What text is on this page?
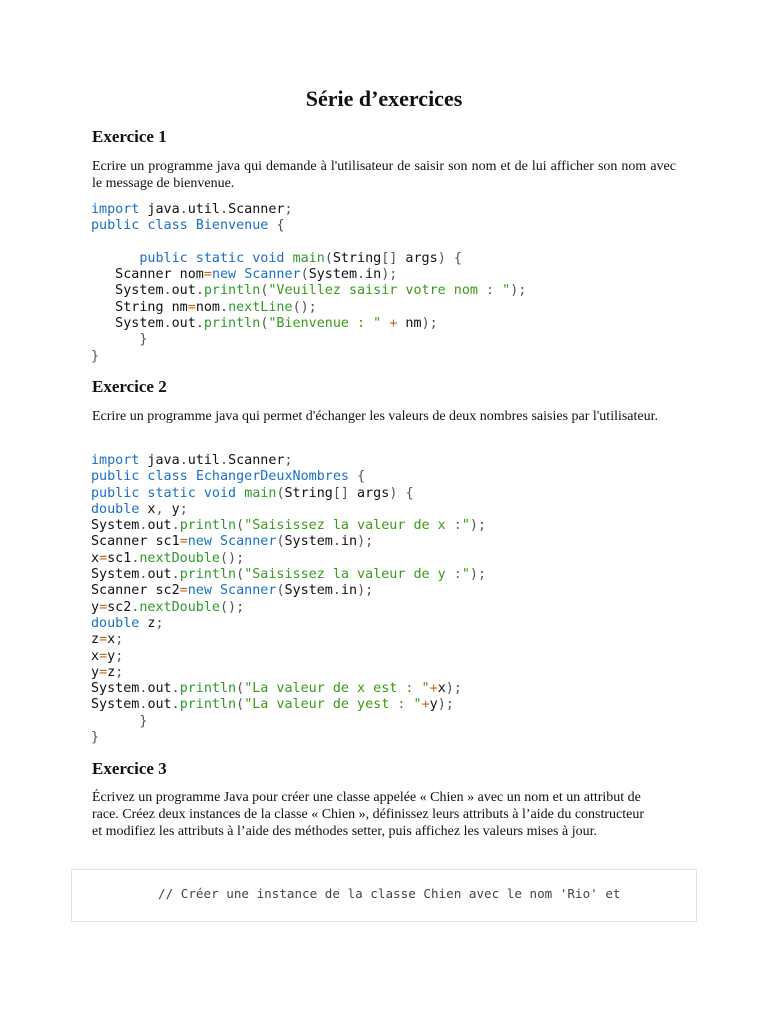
Série d’exercices
Exercice 1
Ecrire un programme java qui demande à l'utilisateur de saisir son nom et de lui afficher son nom avec le message de bienvenue.
import java.util.Scanner;
public class Bienvenue {

public static void main(String[] args) {
Scanner nom=new Scanner(System.in);
System.out.println("Veuillez saisir votre nom : ");
String nm=nom.nextLine();
System.out.println("Bienvenue : " + nm);
}
}
Exercice 2
Ecrire un programme java qui permet d'échanger les valeurs de deux nombres saisies par l'utilisateur.
import java.util.Scanner;
public class EchangerDeuxNombres {
public static void main(String[] args) {
double x, y;
System.out.println("Saisissez la valeur de x :");
Scanner sc1=new Scanner(System.in);
x=sc1.nextDouble();
System.out.println("Saisissez la valeur de y :");
Scanner sc2=new Scanner(System.in);
y=sc2.nextDouble();
double z;
z=x;
x=y;
y=z;
System.out.println("La valeur de x est : "+x);
System.out.println("La valeur de yest : "+y);
}
}
Exercice 3
Écrivez un programme Java pour créer une classe appelée « Chien » avec un nom et un attribut de race. Créez deux instances de la classe « Chien », définissez leurs attributs à l’aide du constructeur et modifiez les attributs à l’aide des méthodes setter, puis affichez les valeurs mises à jour.
// Créer une instance de la classe Chien avec le nom 'Rio' et
